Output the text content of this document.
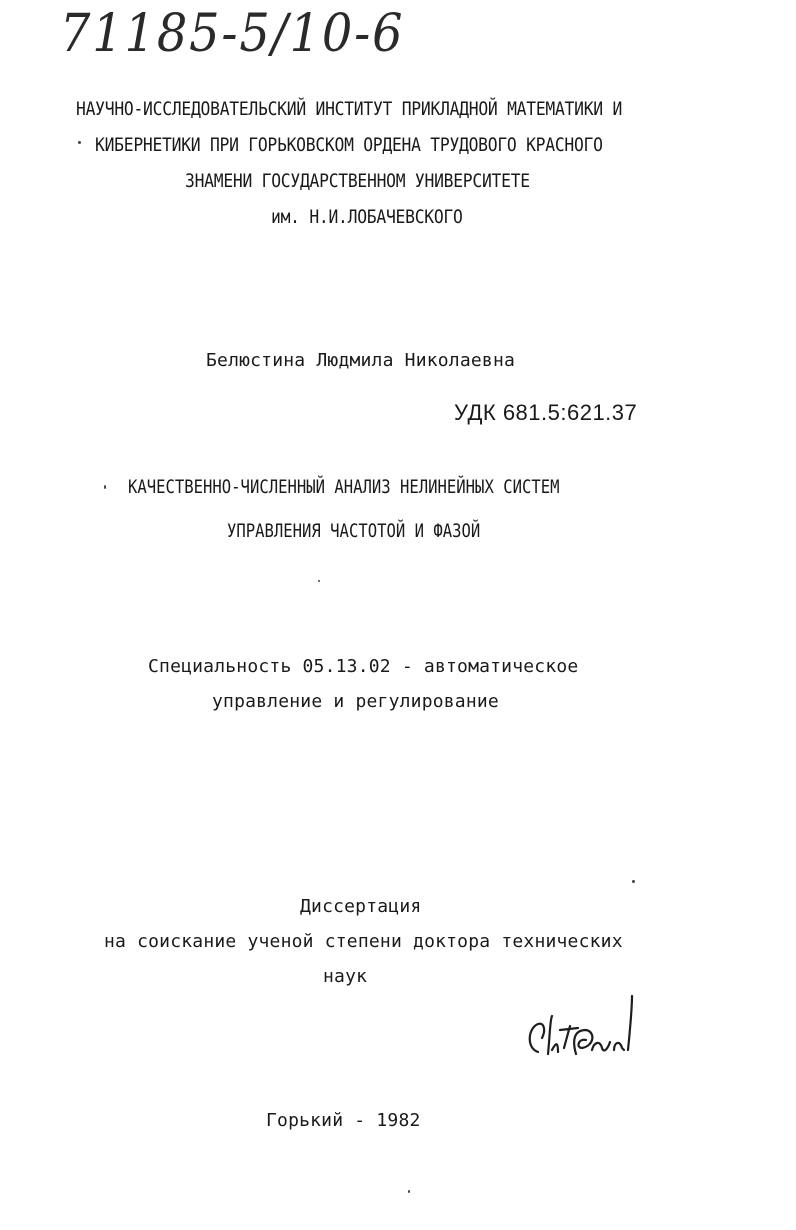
71185-5/10-6

НАУЧНО-ИССЛЕДОВАТЕЛЬСКИЙ ИНСТИТУТ ПРИКЛАДНОЙ МАТЕМАТИКИ И

КИБЕРНЕТИКИ ПРИ ГОРЬКОВСКОМ ОРДЕНА ТРУДОВОГО КРАСНОГО

ЗНАМЕНИ ГОСУДАРСТВЕННОМ УНИВЕРСИТЕТЕ

им. Н.И.ЛОБАЧЕВСКОГО

Белюстина Людмила Николаевна

УДК 681.5:621.37

КАЧЕСТВЕННО-ЧИСЛЕННЫЙ АНАЛИЗ НЕЛИНЕЙНЫХ СИСТЕМ

УПРАВЛЕНИЯ ЧАСТОТОЙ И ФАЗОЙ

Специальность 05.13.02 - автоматическое

управление и регулирование

Диссертация

на соискание ученой степени доктора технических

наук

Горький - 1982
